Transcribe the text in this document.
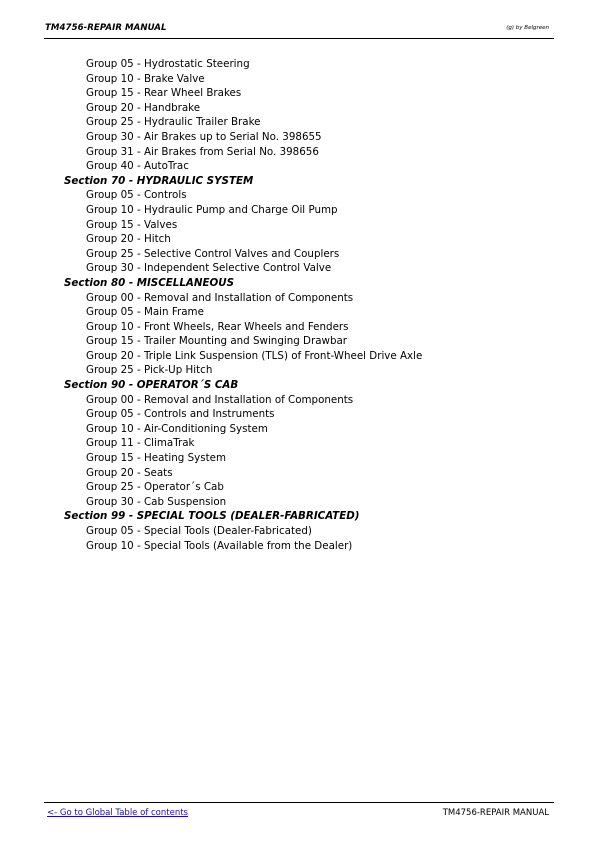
TM4756-REPAIR MANUAL	(g) by Belgreen
Group 05 - Hydrostatic Steering
Group 10 - Brake Valve
Group 15 - Rear Wheel Brakes
Group 20 - Handbrake
Group 25 - Hydraulic Trailer Brake
Group 30 - Air Brakes up to Serial No. 398655
Group 31 - Air Brakes from Serial No. 398656
Group 40 - AutoTrac
Section 70 - HYDRAULIC SYSTEM
Group 05 - Controls
Group 10 - Hydraulic Pump and Charge Oil Pump
Group 15 - Valves
Group 20 - Hitch
Group 25 - Selective Control Valves and Couplers
Group 30 - Independent Selective Control Valve
Section 80 - MISCELLANEOUS
Group 00 - Removal and Installation of Components
Group 05 - Main Frame
Group 10 - Front Wheels, Rear Wheels and Fenders
Group 15 - Trailer Mounting and Swinging Drawbar
Group 20 - Triple Link Suspension (TLS) of Front-Wheel Drive Axle
Group 25 - Pick-Up Hitch
Section 90 - OPERATOR´S CAB
Group 00 - Removal and Installation of Components
Group 05 - Controls and Instruments
Group 10 - Air-Conditioning System
Group 11 - ClimaTrak
Group 15 - Heating System
Group 20 - Seats
Group 25 - Operator´s Cab
Group 30 - Cab Suspension
Section 99 - SPECIAL TOOLS (DEALER-FABRICATED)
Group 05 - Special Tools (Dealer-Fabricated)
Group 10 - Special Tools (Available from the Dealer)
<- Go to Global Table of contents	TM4756-REPAIR MANUAL
